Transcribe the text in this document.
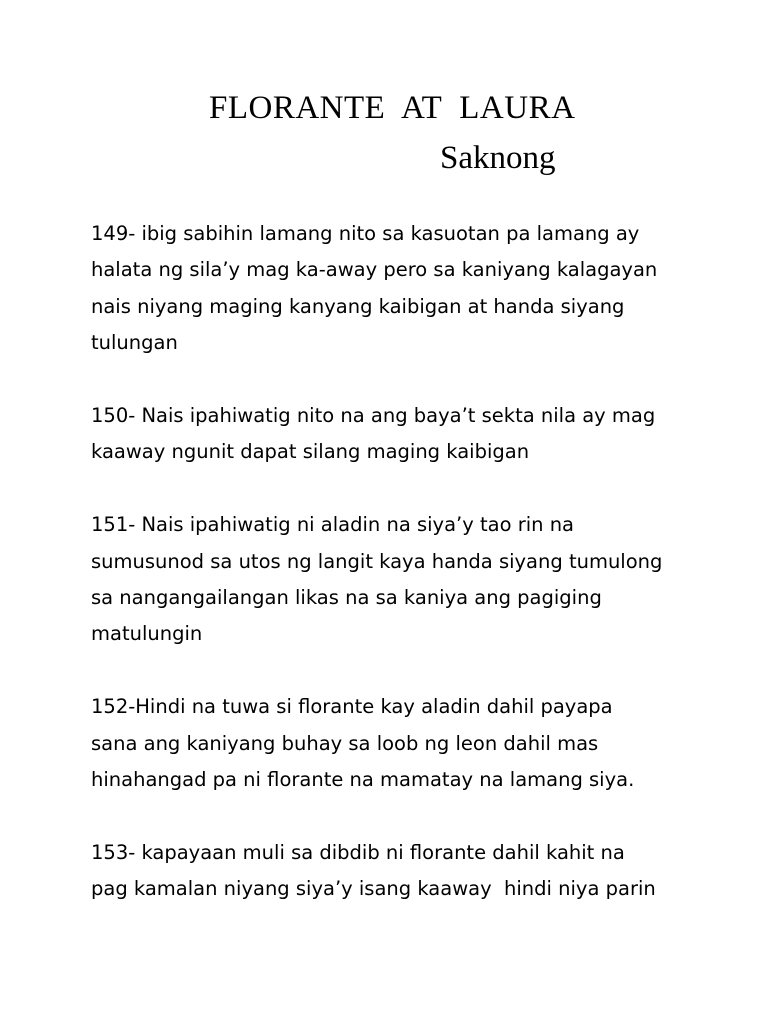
FLORANTE  AT  LAURA
Saknong
149- ibig sabihin lamang nito sa kasuotan pa lamang ay
halata ng sila’y mag ka-away pero sa kaniyang kalagayan
nais niyang maging kanyang kaibigan at handa siyang
tulungan
150- Nais ipahiwatig nito na ang baya’t sekta nila ay mag
kaaway ngunit dapat silang maging kaibigan
151- Nais ipahiwatig ni aladin na siya’y tao rin na
sumusunod sa utos ng langit kaya handa siyang tumulong
sa nangangailangan likas na sa kaniya ang pagiging
matulungin
152-Hindi na tuwa si florante kay aladin dahil payapa
sana ang kaniyang buhay sa loob ng leon dahil mas
hinahangad pa ni florante na mamatay na lamang siya.
153- kapayaan muli sa dibdib ni florante dahil kahit na
pag kamalan niyang siya’y isang kaaway  hindi niya parin
